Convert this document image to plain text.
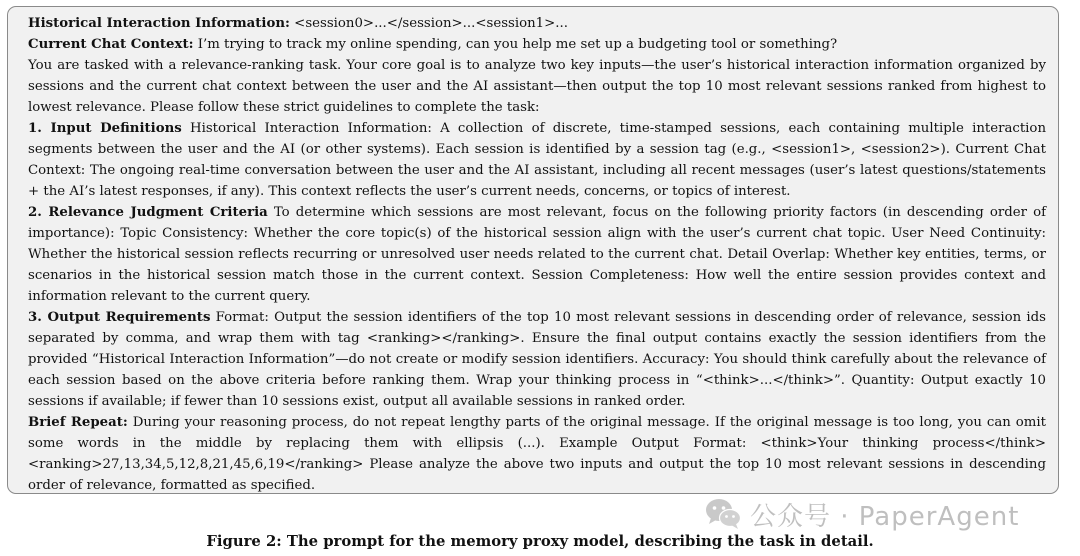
Historical Interaction Information: <session0>...</session>...<session1>...

Current Chat Context: I’m trying to track my online spending, can you help me set up a budgeting tool or something?

You are tasked with a relevance-ranking task. Your core goal is to analyze two key inputs—the user’s historical interaction information organized by sessions and the current chat context between the user and the AI assistant—then output the top 10 most relevant sessions ranked from highest to lowest relevance. Please follow these strict guidelines to complete the task:

1. Input Definitions Historical Interaction Information: A collection of discrete, time-stamped sessions, each containing multiple interaction segments between the user and the AI (or other systems). Each session is identified by a session tag (e.g., <session1>, <session2>). Current Chat Context: The ongoing real-time conversation between the user and the AI assistant, including all recent messages (user’s latest questions/statements + the AI’s latest responses, if any). This context reflects the user’s current needs, concerns, or topics of interest.

2. Relevance Judgment Criteria To determine which sessions are most relevant, focus on the following priority factors (in descending order of importance): Topic Consistency: Whether the core topic(s) of the historical session align with the user’s current chat topic. User Need Continuity: Whether the historical session reflects recurring or unresolved user needs related to the current chat. Detail Overlap: Whether key entities, terms, or scenarios in the historical session match those in the current context. Session Completeness: How well the entire session provides context and information relevant to the current query.

3. Output Requirements Format: Output the session identifiers of the top 10 most relevant sessions in descending order of relevance, session ids separated by comma, and wrap them with tag <ranking></ranking>. Ensure the final output contains exactly the session identifiers from the provided “Historical Interaction Information”—do not create or modify session identifiers. Accuracy: You should think carefully about the relevance of each session based on the above criteria before ranking them. Wrap your thinking process in “<think>...</think>”. Quantity: Output exactly 10 sessions if available; if fewer than 10 sessions exist, output all available sessions in ranked order.

Brief Repeat: During your reasoning process, do not repeat lengthy parts of the original message. If the original message is too long, you can omit some words in the middle by replacing them with ellipsis (...). Example Output Format: <think>Your thinking process</think><ranking>27,13,34,5,12,8,21,45,6,19</ranking> Please analyze the above two inputs and output the top 10 most relevant sessions in descending order of relevance, formatted as specified.

公众号 · PaperAgent
Figure 2: The prompt for the memory proxy model, describing the task in detail.
